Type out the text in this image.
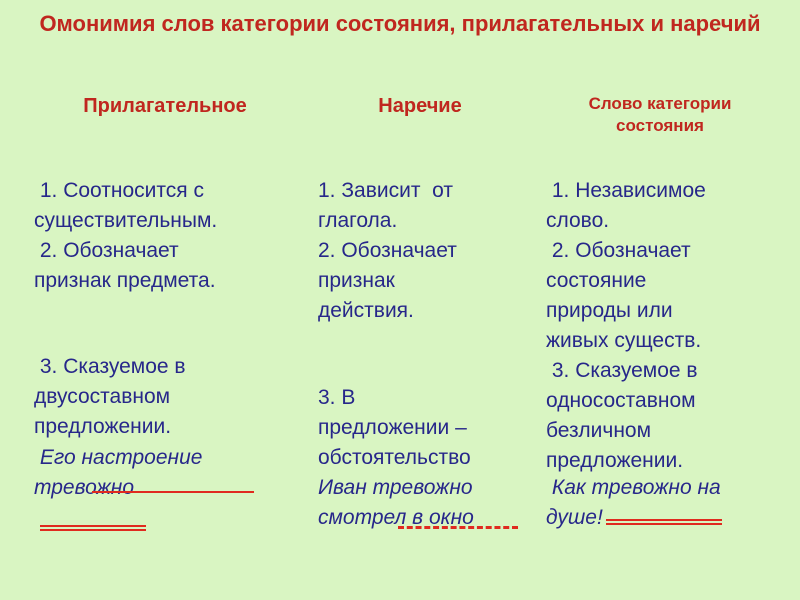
Омонимия слов категории состояния, прилагательных и наречий
Прилагательное	Наречие	Слово категории
состояния
1. Соотносится с
существительным.
2. Обозначает
признак предмета.
3. Сказуемое в
двусоставном
предложении.
Его настроение
тревожно
1. Зависит  от
глагола.
2. Обозначает
признак
действия.
3. В
предложении –
обстоятельство
Иван тревожно
смотрел в окно
1. Независимое
слово.
2. Обозначает
состояние
природы или
живых существ.
3. Сказуемое в
односоставном
безличном
предложении.
Как тревожно на
душе!
